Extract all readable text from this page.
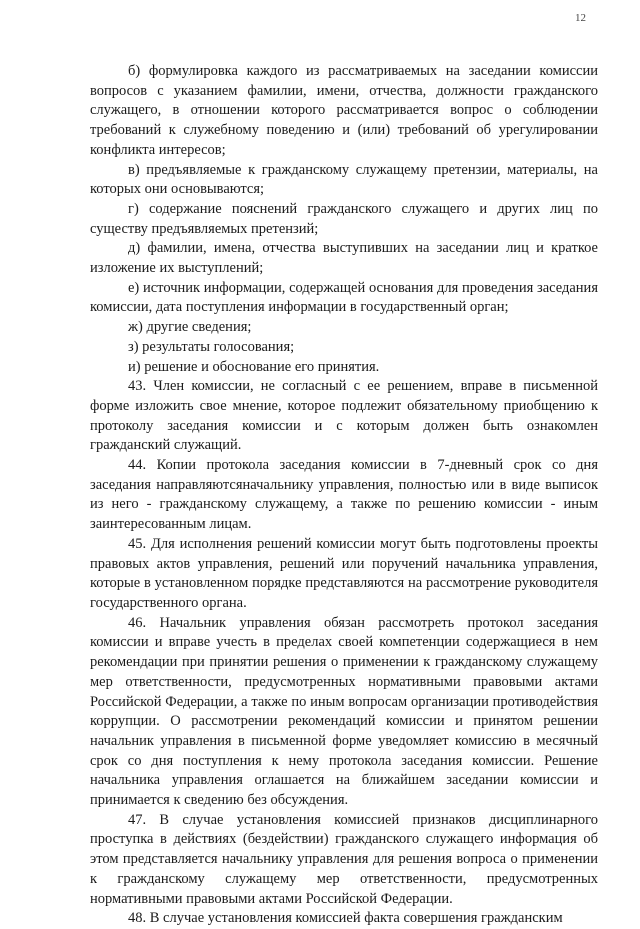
12

б) формулировка каждого из рассматриваемых на заседании комиссии вопросов с указанием фамилии, имени, отчества, должности гражданского служащего, в отношении которого рассматривается вопрос о соблюдении требований к служебному поведению и (или) требований об урегулировании конфликта интересов;

в) предъявляемые к гражданскому служащему претензии, материалы, на которых они основываются;

г) содержание пояснений гражданского служащего и других лиц по существу предъявляемых претензий;

д) фамилии, имена, отчества выступивших на заседании лиц и краткое изложение их выступлений;

е) источник информации, содержащей основания для проведения заседания комиссии, дата поступления информации в государственный орган;

ж) другие сведения;

з) результаты голосования;

и) решение и обоснование его принятия.

43. Член комиссии, не согласный с ее решением, вправе в письменной форме изложить свое мнение, которое подлежит обязательному приобщению к протоколу заседания комиссии и с которым должен быть ознакомлен гражданский служащий.

44. Копии протокола заседания комиссии в 7-дневный срок со дня заседания направляютсяначальнику управления, полностью или в виде выписок из него - гражданскому служащему, а также по решению комиссии - иным заинтересованным лицам.

45. Для исполнения решений комиссии могут быть подготовлены проекты правовых актов управления, решений или поручений начальника управления, которые в установленном порядке представляются на рассмотрение руководителя государственного органа.

46. Начальник управления обязан рассмотреть протокол заседания комиссии и вправе учесть в пределах своей компетенции содержащиеся в нем рекомендации при принятии решения о применении к гражданскому служащему мер ответственности, предусмотренных нормативными правовыми актами Российской Федерации, а также по иным вопросам организации противодействия коррупции. О рассмотрении рекомендаций комиссии и принятом решении начальник управления в письменной форме уведомляет комиссию в месячный срок со дня поступления к нему протокола заседания комиссии. Решение начальника управления оглашается на ближайшем заседании комиссии и принимается к сведению без обсуждения.

47. В случае установления комиссией признаков дисциплинарного проступка в действиях (бездействии) гражданского служащего информация об этом представляется начальнику управления для решения вопроса о применении к гражданскому служащему мер ответственности, предусмотренных нормативными правовыми актами Российской Федерации.

48. В случае установления комиссией факта совершения гражданским
